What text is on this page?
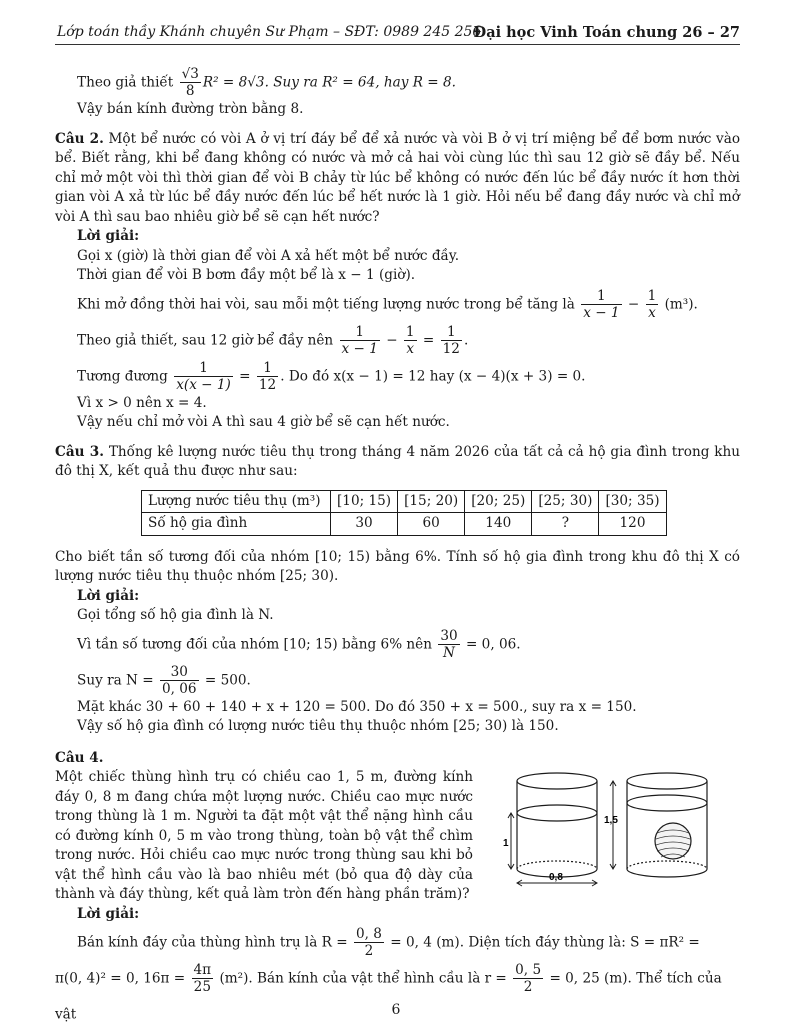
Lớp toán thầy Khánh chuyên Sư Phạm – SĐT: 0989 245 256
Đại học Vinh Toán chung 26 – 27
Theo giả thiết $\frac{√3}{8} R^2 = 8√3$. Suy ra R² = 64, hay R = 8.
Vậy bán kính đường tròn bằng 8.
Câu 2. Một bể nước có vòi A ở vị trí đáy bể để xả nước và vòi B ở vị trí miệng bể để bơm nước vào bể. Biết rằng, khi bể đang không có nước và mở cả hai vòi cùng lúc thì sau 12 giờ sẽ đầy bể. Nếu chỉ mở một vòi thì thời gian để vòi B chảy từ lúc bể không có nước đến lúc bể đầy nước ít hơn thời gian vòi A xả từ lúc bể đầy nước đến lúc bể hết nước là 1 giờ. Hỏi nếu bể đang đầy nước và chỉ mở vòi A thì sau bao nhiêu giờ bể sẽ cạn hết nước?
Lời giải:
Gọi x (giờ) là thời gian để vòi A xả hết một bể nước đầy.
Thời gian để vòi B bơm đầy một bể là x − 1 (giờ).
Khi mở đồng thời hai vòi, sau mỗi một tiếng lượng nước trong bể tăng là $\frac{1}{x - 1} - \frac{1}{x} (m^3)$.
Theo giả thiết, sau 12 giờ bể đầy nên $\frac{1}{x - 1} - \frac{1}{x} = \frac{1}{12}$ .
Tương đương $\frac{1}{x(x - 1)} = \frac{1}{12}$ . Do đó x(x − 1) = 12 hay (x − 4)(x + 3) = 0.
Vì x > 0 nên x = 4.
Vậy nếu chỉ mở vòi A thì sau 4 giờ bể sẽ cạn hết nước.
Câu 3. Thống kê lượng nước tiêu thụ trong tháng 4 năm 2026 của tất cả cả hộ gia đình trong khu đô thị X, kết quả thu được như sau:
Lượng nước tiêu thụ (m³)	[10; 15)	[15; 20)	[20; 25)	[25; 30)	[30; 35)
Số hộ gia đình	30	60	140	?	120
Cho biết tần số tương đối của nhóm [10; 15) bằng 6%. Tính số hộ gia đình trong khu đô thị X có lượng nước tiêu thụ thuộc nhóm [25; 30).
Lời giải:
Gọi tổng số hộ gia đình là N.
Vì tần số tương đối của nhóm [10; 15) bằng 6% nên $\frac{30}{N} = 0$, 06.
Suy ra $N = \frac{30}{0, 06} = 500$.
Mặt khác 30 + 60 + 140 + x + 120 = 500. Do đó 350 + x = 500., suy ra x = 150.
Vậy số hộ gia đình có lượng nước tiêu thụ thuộc nhóm [25; 30) là 150.
Câu 4.
Một chiếc thùng hình trụ có chiều cao 1, 5 m, đường kính đáy 0, 8 m đang chứa một lượng nước. Chiều cao mực nước trong thùng là 1 m. Người ta đặt một vật thể nặng hình cầu có đường kính 0, 5 m vào trong thùng, toàn bộ vật thể chìm trong nước. Hỏi chiều cao mực nước trong thùng sau khi bỏ vật thể hình cầu vào là bao nhiêu mét (bỏ qua độ dày của thành và đáy thùng, kết quả làm tròn đến hàng phần trăm)?
1
0,8
1,5
Lời giải:
Bán kính đáy của thùng hình trụ là $R = \frac{0, 8}{2} = 0$, 4 (m). Diện tích đáy thùng là: S = πR² =
π(0, 4)² = 0, $16\pi = \frac{4\pi}{25} (m^2)$. Bán kính của vật thể hình cầu là $r = \frac{0, 5}{2} = 0$, 25 (m). Thể tích của vật	6
